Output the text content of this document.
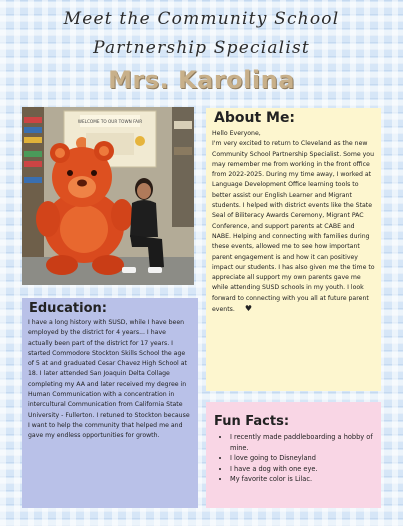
Meet the Community School
Partnership Specialist
Mrs. Karolina
WELCOME TO OUR TOWN FAIR	About Me:

Hello Everyone,
I'm very excited to return to Cleveland as the new Community School Partnership Specialist. Some you may remember me from working in the front office from 2022-2025. During my time away, I worked at Language Development Office learning tools to better assist our English Learner and Migrant students. I helped with district events like the State Seal of Biliteracy Awards Ceremony, Migrant PAC Conference, and support parents at CABE and NABE. Helping and connecting with families during these events, allowed me to see how important parent engagement is and how it can positivey impact our students. I has also given me the time to appreciate all support my own parents gave me while attending SUSD schools in my youth. I look forward to connecting with you all at future parent events. ♥

Education:

I have a long history with SUSD, while I have been employed by the district for 4 years... I have actually been part of the district for 17 years. I started Commodore Stockton Skills School the age of 5 at and graduated Cesar Chavez High School at 18. I later attended San Joaquin Delta Collage completing my AA and later received my degree in Human Communication with a concentration in intercultural Communication from California State University - Fullerton. I retuned to Stockton because I want to help the community that helped me and gave my endless opportunities for growth.

Fun Facts:
• I recently made paddleboarding a hobby of mine.
• I love going to Disneyland
• I have a dog with one eye.
• My favorite color is Lilac.
